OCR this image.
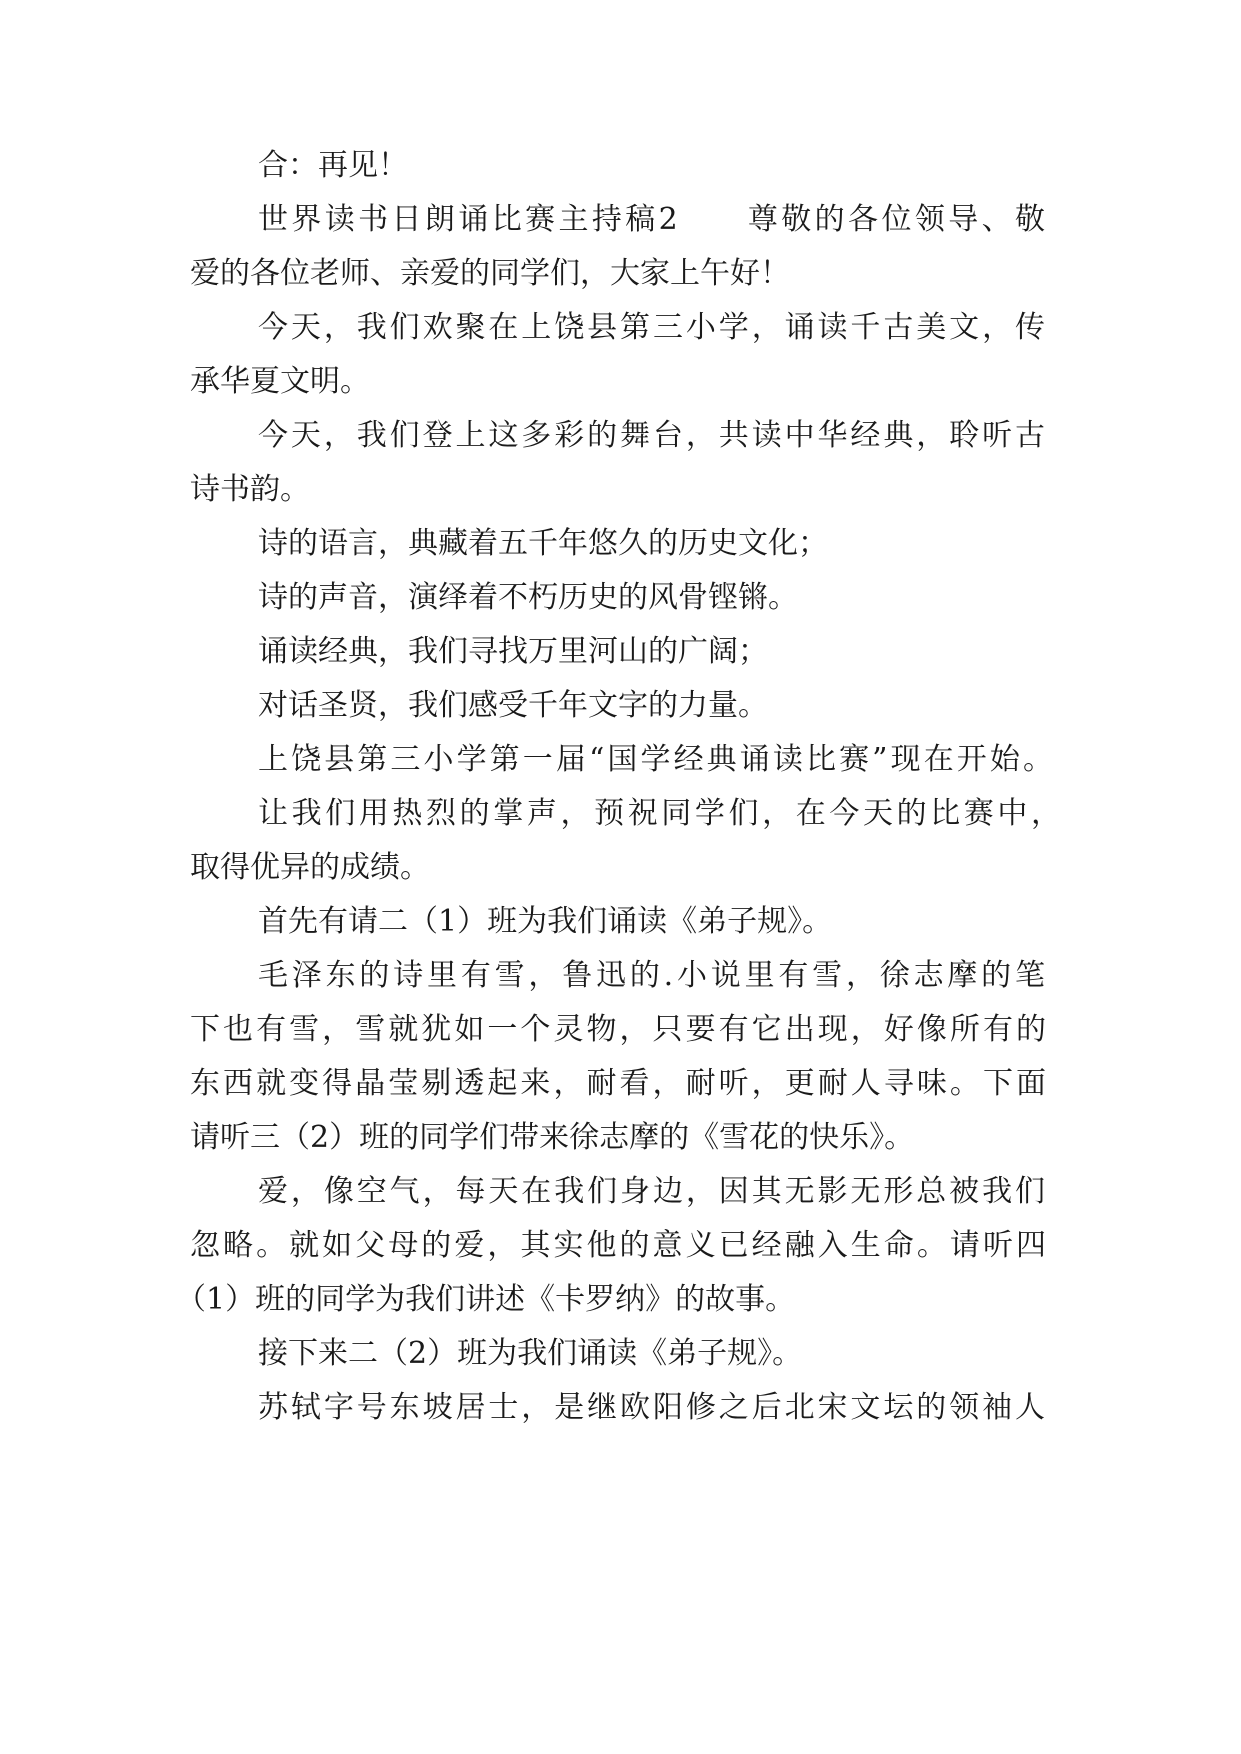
合：再见！
世界读书日朗诵比赛主持稿2　　尊敬的各位领导、敬
爱的各位老师、亲爱的同学们，大家上午好！
今天，我们欢聚在上饶县第三小学，诵读千古美文，传
承华夏文明。
今天，我们登上这多彩的舞台，共读中华经典，聆听古
诗书韵。
诗的语言，典藏着五千年悠久的历史文化；
诗的声音，演绎着不朽历史的风骨铿锵。
诵读经典，我们寻找万里河山的广阔；
对话圣贤，我们感受千年文字的力量。
上饶县第三小学第一届“国学经典诵读比赛”现在开始。
让我们用热烈的掌声，预祝同学们，在今天的比赛中，
取得优异的成绩。
首先有请二（1）班为我们诵读《弟子规》。
毛泽东的诗里有雪，鲁迅的.小说里有雪，徐志摩的笔
下也有雪，雪就犹如一个灵物，只要有它出现，好像所有的
东西就变得晶莹剔透起来，耐看，耐听，更耐人寻味。下面
请听三（2）班的同学们带来徐志摩的《雪花的快乐》。
爱，像空气，每天在我们身边，因其无影无形总被我们
忽略。就如父母的爱，其实他的意义已经融入生命。请听四
（1）班的同学为我们讲述《卡罗纳》的故事。
接下来二（2）班为我们诵读《弟子规》。
苏轼字号东坡居士，是继欧阳修之后北宋文坛的领袖人
